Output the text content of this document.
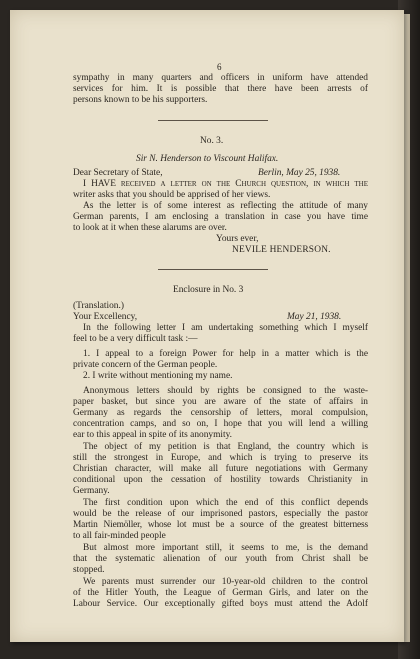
6
sympathy in many quarters and officers in uniform have attended
services for him. It is possible that there have been arrests of
persons known to be his supporters.
No. 3.
Sir N. Henderson to Viscount Halifax.
Dear Secretary of State,	Berlin, May 25, 1938.
I HAVE received a letter on the Church question, in which the
writer asks that you should be apprised of her views.
As the letter is of some interest as reflecting the attitude of many
German parents, I am enclosing a translation in case you have time
to look at it when these alarums are over.
Yours ever,
NEVILE HENDERSON.
Enclosure in No. 3
(Translation.)
Your Excellency,	May 21, 1938.
In the following letter I am undertaking something which I myself
feel to be a very difficult task :—
1. I appeal to a foreign Power for help in a matter which is the
private concern of the German people.
2. I write without mentioning my name.
Anonymous letters should by rights be consigned to the waste-
paper basket, but since you are aware of the state of affairs in
Germany as regards the censorship of letters, moral compulsion,
concentration camps, and so on, I hope that you will lend a willing
ear to this appeal in spite of its anonymity.
The object of my petition is that England, the country which is
still the strongest in Europe, and which is trying to preserve its
Christian character, will make all future negotiations with Germany
conditional upon the cessation of hostility towards Christianity in
Germany.
The first condition upon which the end of this conflict depends
would be the release of our imprisoned pastors, especially the pastor
Martin Niemöller, whose lot must be a source of the greatest bitterness
to all fair-minded people
But almost more important still, it seems to me, is the demand
that the systematic alienation of our youth from Christ shall be
stopped.
We parents must surrender our 10-year-old children to the control
of the Hitler Youth, the League of German Girls, and later on the
Labour Service. Our exceptionally gifted boys must attend the Adolf
